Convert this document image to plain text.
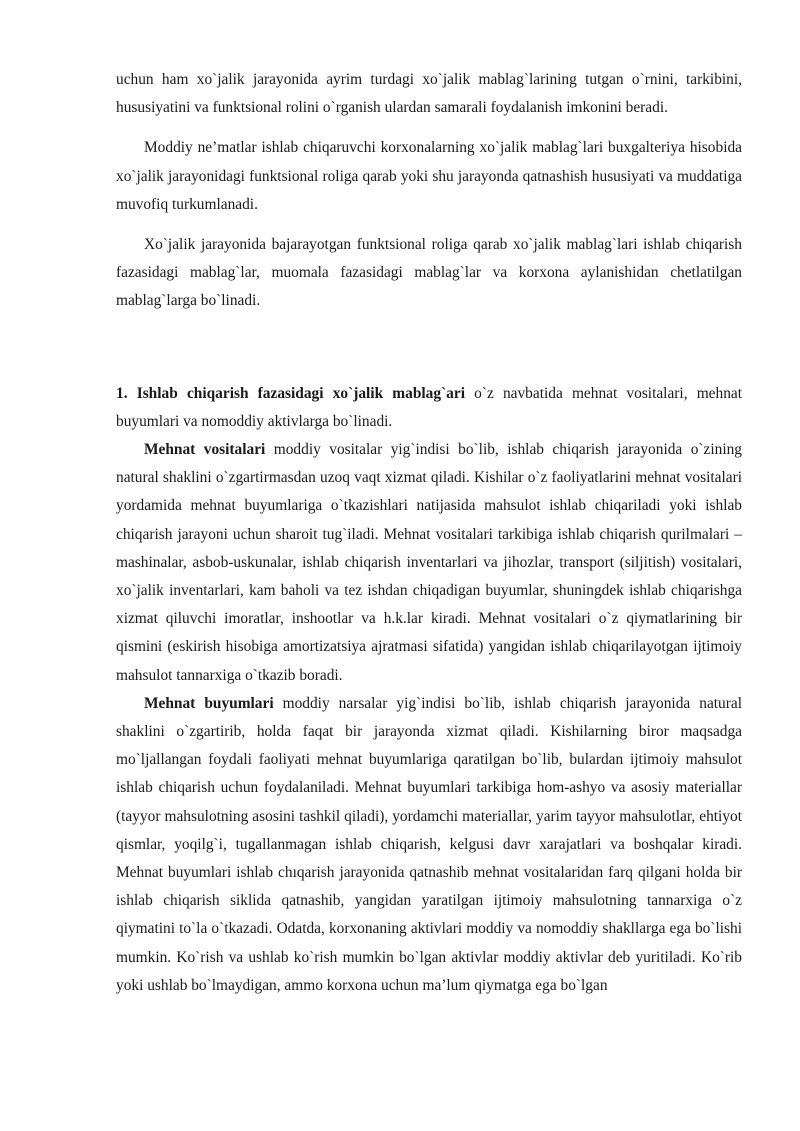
uchun ham xo`jalik jarayonida ayrim turdagi xo`jalik mablag`larining tutgan o`rnini, tarkibini, hususiyatini va funktsional rolini o`rganish ulardan samarali foydalanish imkonini beradi.

Moddiy ne’matlar ishlab chiqaruvchi korxonalarning xo`jalik mablag`lari buxgalteriya hisobida xo`jalik jarayonidagi funktsional roliga qarab yoki shu jarayonda qatnashish hususiyati va muddatiga muvofiq turkumlanadi.

Xo`jalik jarayonida bajarayotgan funktsional roliga qarab xo`jalik mablag`lari ishlab chiqarish fazasidagi mablag`lar, muomala fazasidagi mablag`lar va korxona aylanishidan chetlatilgan mablag`larga bo`linadi.

1. Ishlab chiqarish fazasidagi xo`jalik mablag`ari o`z navbatida mehnat vositalari, mehnat buyumlari va nomoddiy aktivlarga bo`linadi.

Mehnat vositalari moddiy vositalar yig`indisi bo`lib, ishlab chiqarish jarayonida o`zining natural shaklini o`zgartirmasdan uzoq vaqt xizmat qiladi. Kishilar o`z faoliyatlarini mehnat vositalari yordamida mehnat buyumlariga o`tkazishlari natijasida mahsulot ishlab chiqariladi yoki ishlab chiqarish jarayoni uchun sharoit tug`iladi. Mehnat vositalari tarkibiga ishlab chiqarish qurilmalari – mashinalar, asbob-uskunalar, ishlab chiqarish inventarlari va jihozlar, transport (siljitish) vositalari, xo`jalik inventarlari, kam baholi va tez ishdan chiqadigan buyumlar, shuningdek ishlab chiqarishga xizmat qiluvchi imoratlar, inshootlar va h.k.lar kiradi. Mehnat vositalari o`z qiymatlarining bir qismini (eskirish hisobiga amortizatsiya ajratmasi sifatida) yangidan ishlab chiqarilayotgan ijtimoiy mahsulot tannarxiga o`tkazib boradi.

Mehnat buyumlari moddiy narsalar yig`indisi bo`lib, ishlab chiqarish jarayonida natural shaklini o`zgartirib, holda faqat bir jarayonda xizmat qiladi. Kishilarning biror maqsadga mo`ljallangan foydali faoliyati mehnat buyumlariga qaratilgan bo`lib, bulardan ijtimoiy mahsulot ishlab chiqarish uchun foydalaniladi. Mehnat buyumlari tarkibiga hom-ashyo va asosiy materiallar (tayyor mahsulotning asosini tashkil qiladi), yordamchi materiallar, yarim tayyor mahsulotlar, ehtiyot qismlar, yoqilg`i, tugallanmagan ishlab chiqarish, kelgusi davr xarajatlari va boshqalar kiradi. Mehnat buyumlari ishlab chıqarish jarayonida qatnashib mehnat vositalaridan farq qilgani holda bir ishlab chiqarish siklida qatnashib, yangidan yaratilgan ijtimoiy mahsulotning tannarxiga o`z qiymatini to`la o`tkazadi. Odatda, korxonaning aktivlari moddiy va nomoddiy shakllarga ega bo`lishi mumkin. Ko`rish va ushlab ko`rish mumkin bo`lgan aktivlar moddiy aktivlar deb yuritiladi. Ko`rib yoki ushlab bo`lmaydigan, ammo korxona uchun ma’lum qiymatga ega bo`lgan
